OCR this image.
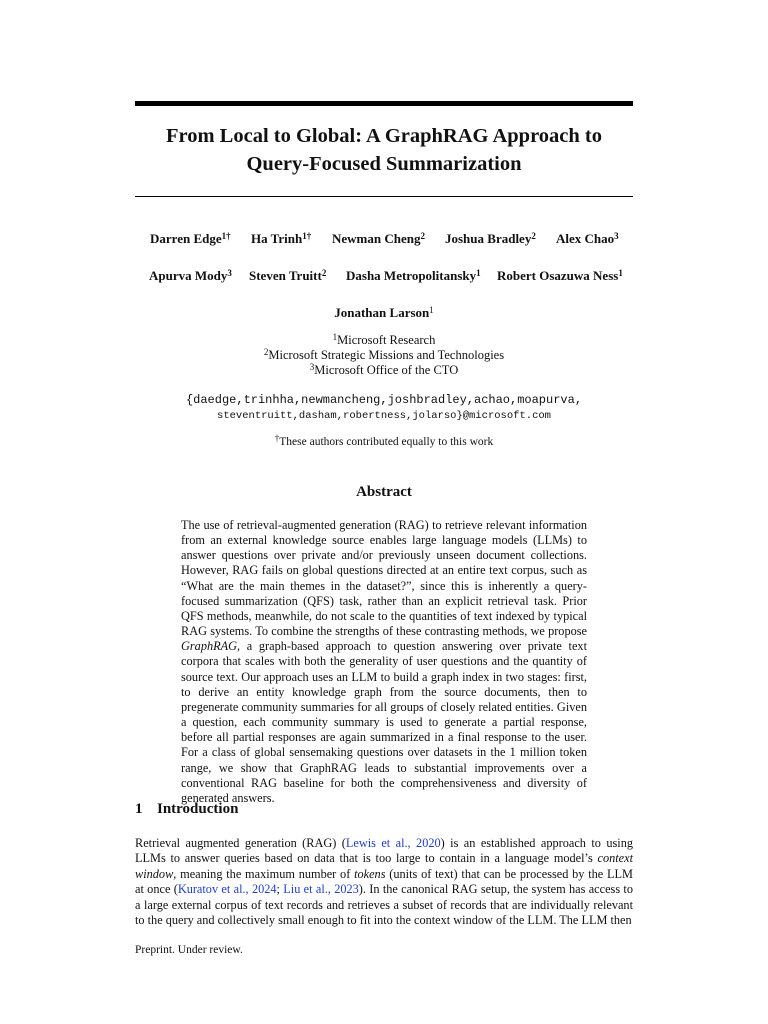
From Local to Global: A GraphRAG Approach to
Query-Focused Summarization
Darren Edge$^{1\dagger}$ Ha Trinh$^{1\dagger}$ Newman Cheng$^2$ Joshua Bradley$^2$ Alex Chao$^3$
Apurva Mody$^3$ Steven Truitt$^2$ Dasha Metropolitansky$^1$ Robert Osazuwa Ness$^1$
Jonathan Larson$^1$
$^1$Microsoft Research
$^2$Microsoft Strategic Missions and Technologies
$^3$Microsoft Office of the CTO
{daedge,trinhha,newmancheng,joshbradley,achao,moapurva,
steventruitt,dasham,robertness,jolarso}@microsoft.com
†These authors contributed equally to this work
Abstract
The use of retrieval-augmented generation (RAG) to retrieve relevant information from an external knowledge source enables large language models (LLMs) to answer questions over private and/or previously unseen document collections. However, RAG fails on global questions directed at an entire text corpus, such as “What are the main themes in the dataset?”, since this is inherently a query-focused summarization (QFS) task, rather than an explicit retrieval task. Prior QFS methods, meanwhile, do not scale to the quantities of text indexed by typical RAG systems. To combine the strengths of these contrasting methods, we propose GraphRAG, a graph-based approach to question answering over private text corpora that scales with both the generality of user questions and the quantity of source text. Our approach uses an LLM to build a graph index in two stages: first, to derive an entity knowledge graph from the source documents, then to pregenerate community summaries for all groups of closely related entities. Given a question, each community summary is used to generate a partial response, before all partial responses are again summarized in a final response to the user. For a class of global sensemaking questions over datasets in the 1 million token range, we show that GraphRAG leads to substantial improvements over a conventional RAG baseline for both the comprehensiveness and diversity of generated answers.
1 Introduction
Retrieval augmented generation (RAG) (Lewis et al., 2020) is an established approach to using LLMs to answer queries based on data that is too large to contain in a language model’s context window, meaning the maximum number of tokens (units of text) that can be processed by the LLM at once (Kuratov et al., 2024; Liu et al., 2023). In the canonical RAG setup, the system has access to a large external corpus of text records and retrieves a subset of records that are individually relevant to the query and collectively small enough to fit into the context window of the LLM. The LLM then
Preprint. Under review.
